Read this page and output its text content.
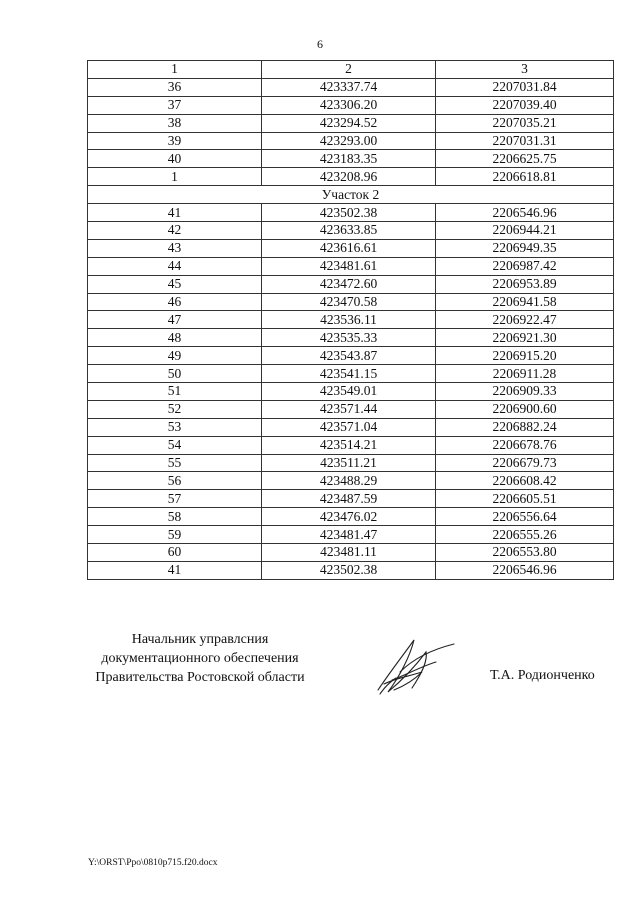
6
1	2	3
36	423337.74	2207031.84
37	423306.20	2207039.40
38	423294.52	2207035.21
39	423293.00	2207031.31
40	423183.35	2206625.75
1	423208.96	2206618.81
Участок 2		
41	423502.38	2206546.96
42	423633.85	2206944.21
43	423616.61	2206949.35
44	423481.61	2206987.42
45	423472.60	2206953.89
46	423470.58	2206941.58
47	423536.11	2206922.47
48	423535.33	2206921.30
49	423543.87	2206915.20
50	423541.15	2206911.28
51	423549.01	2206909.33
52	423571.44	2206900.60
53	423571.04	2206882.24
54	423514.21	2206678.76
55	423511.21	2206679.73
56	423488.29	2206608.42
57	423487.59	2206605.51
58	423476.02	2206556.64
59	423481.47	2206555.26
60	423481.11	2206553.80
41	423502.38	2206546.96
Начальник управлсния
документационного обеспечения
Правительства Ростовской области	Т.А. Родионченко
Y:\ORST\Ppo\0810p715.f20.docx
